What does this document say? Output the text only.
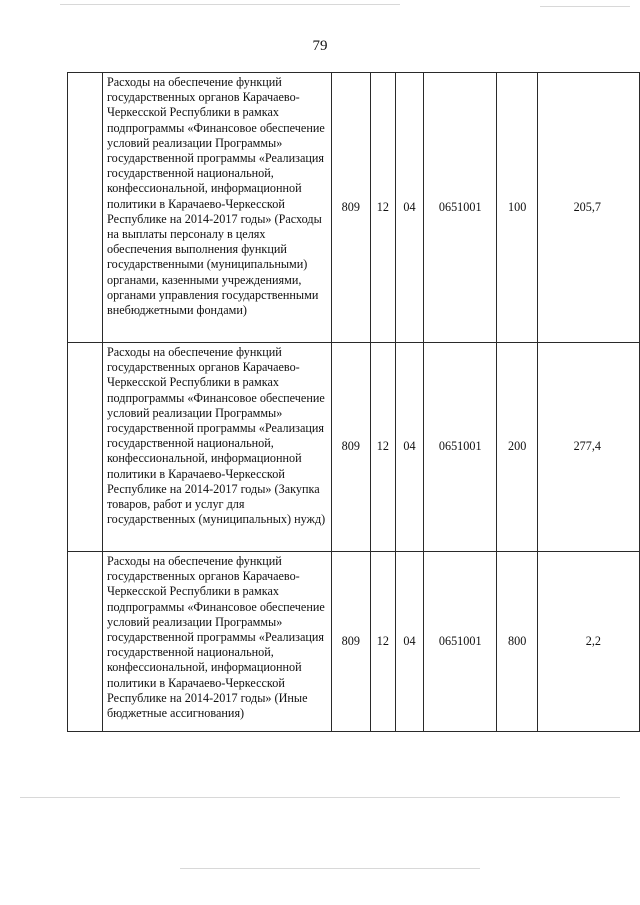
79
	Расходы на обеспечение функций государственных органов Карачаево-Черкесской Республики в рамках подпрограммы «Финансовое обеспечение условий реализации Программы» государственной программы «Реализация государственной национальной, конфессиональной, информационной политики в Карачаево-Черкесской Республике на 2014-2017 годы» (Расходы на выплаты персоналу в целях обеспечения выполнения функций государственными (муниципальными) органами, казенными учреждениями, органами управления государственными внебюджетными фондами)	809	12	04	0651001	100	205,7
	Расходы на обеспечение функций государственных органов Карачаево-Черкесской Республики в рамках подпрограммы «Финансовое обеспечение условий реализации Программы» государственной программы «Реализация государственной национальной, конфессиональной, информационной политики в Карачаево-Черкесской Республике на 2014-2017 годы» (Закупка товаров, работ и услуг для государственных (муниципальных) нужд)	809	12	04	0651001	200	277,4
	Расходы на обеспечение функций государственных органов Карачаево-Черкесской Республики в рамках подпрограммы «Финансовое обеспечение условий реализации Программы» государственной программы «Реализация государственной национальной, конфессиональной, информационной политики в Карачаево-Черкесской Республике на 2014-2017 годы» (Иные бюджетные ассигнования)	809	12	04	0651001	800	2,2
